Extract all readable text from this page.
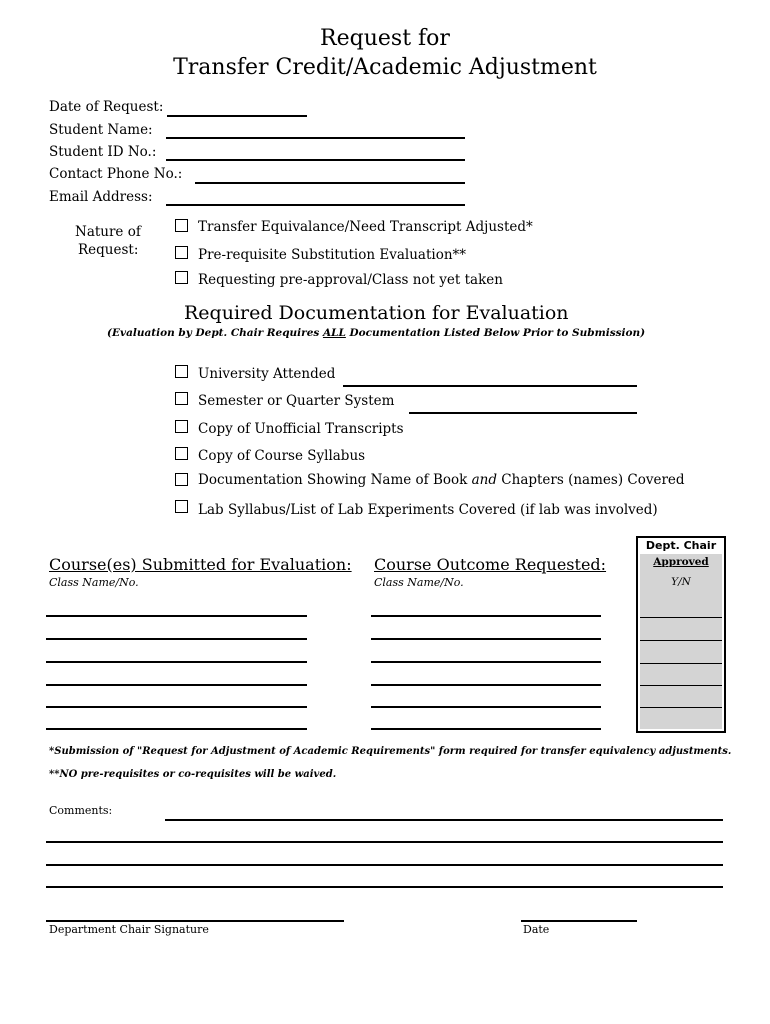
Request for
Transfer Credit/Academic Adjustment
Date of Request:
Student Name:
Student ID No.:
Contact Phone No.:
Email Address:
Nature of
Request:
Transfer Equivalance/Need Transcript Adjusted*
Pre-requisite Substitution Evaluation**
Requesting pre-approval/Class not yet taken
Required Documentation for Evaluation
(Evaluation by Dept. Chair Requires ALL Documentation Listed Below Prior to Submission)
University Attended
Semester or Quarter System
Copy of Unofficial Transcripts
Copy of Course Syllabus
Documentation Showing Name of Book and Chapters (names) Covered
Lab Syllabus/List of Lab Experiments Covered (if lab was involved)
Course(es) Submitted for Evaluation:
Class Name/No.
Course Outcome Requested:
Class Name/No.
Dept. Chair
Approved
Y/N
*Submission of "Request for Adjustment of Academic Requirements" form required for transfer equivalency adjustments.
**NO pre-requisites or co-requisites will be waived.
Comments:
Department Chair Signature	Date
